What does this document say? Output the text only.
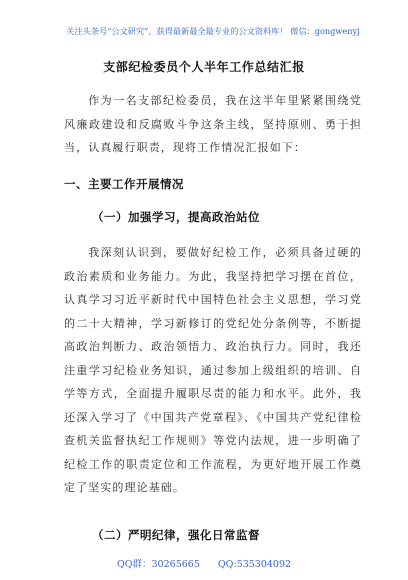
关注头条号“公文研究”，获得最新最全最专业的公文资料库！ 微信：gongwenyj
支部纪检委员个人半年工作总结汇报
作为一名支部纪检委员，我在这半年里紧紧围绕党风廉政建设和反腐败斗争这条主线，坚持原则、勇于担当，认真履行职责，现将工作情况汇报如下：
一、主要工作开展情况
（一）加强学习，提高政治站位
我深刻认识到，要做好纪检工作，必须具备过硬的政治素质和业务能力。为此，我坚持把学习摆在首位，认真学习习近平新时代中国特色社会主义思想，学习党的二十大精神，学习新修订的党纪处分条例等，不断提高政治判断力、政治领悟力、政治执行力。同时，我还注重学习纪检业务知识，通过参加上级组织的培训、自学等方式，全面提升履职尽责的能力和水平。此外，我还深入学习了《中国共产党章程》、《中国共产党纪律检查机关监督执纪工作规则》等党内法规，进一步明确了纪检工作的职责定位和工作流程，为更好地开展工作奠定了坚实的理论基础。
（二）严明纪律，强化日常监督
QQ群：30265665 QQ:535304092
